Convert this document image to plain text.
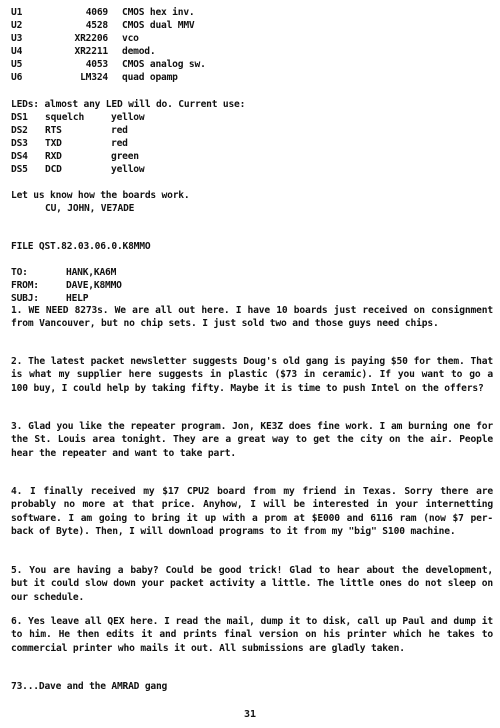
U1	4069 CMOS hex inv.
U2	4528 CMOS dual MMV
U3	XR2206 vco
U4	XR2211 demod.
U5	4053 CMOS analog sw.
U6	LM324 quad opamp
LEDs: almost any LED will do. Current use:
DS1 squelch	yellow
DS2 RTS	red
DS3 TXD	red
DS4 RXD	green
DS5 DCD	yellow
Let us know how the boards work.
CU, JOHN, VE7ADE
FILE QST.82.03.06.0.K8MMO
TO:	HANK,KA6M
FROM:	DAVE,K8MMO
SUBJ:	HELP

1. WE NEED 8273s. We are all out here. I have 10 boards just received on consignment from Vancouver, but no chip sets. I just sold two and those guys need chips.

2. The latest packet newsletter suggests Doug's old gang is paying $50 for them. That is what my supplier here suggests in plastic ($73 in ceramic). If you want to go a 100 buy, I could help by taking fifty. Maybe it is time to push Intel on the offers?

3. Glad you like the repeater program. Jon, KE3Z does fine work. I am burning one for the St. Louis area tonight. They are a great way to get the city on the air. People hear the repeater and want to take part.

4. I finally received my $17 CPU2 board from my friend in Texas. Sorry there are probably no more at that price. Anyhow, I will be interested in your internetting software. I am going to bring it up with a prom at $E000 and 6116 ram (now $7 per- back of Byte). Then, I will download programs to it from my "big" S100 machine.

5. You are having a baby? Could be good trick! Glad to hear about the development, but it could slow down your packet activity a little. The little ones do not sleep on our schedule.

6. Yes leave all QEX here. I read the mail, dump it to disk, call up Paul and dump it to him. He then edits it and prints final version on his printer which he takes to commercial printer who mails it out. All submissions are gladly taken.

73...Dave and the AMRAD gang
31
